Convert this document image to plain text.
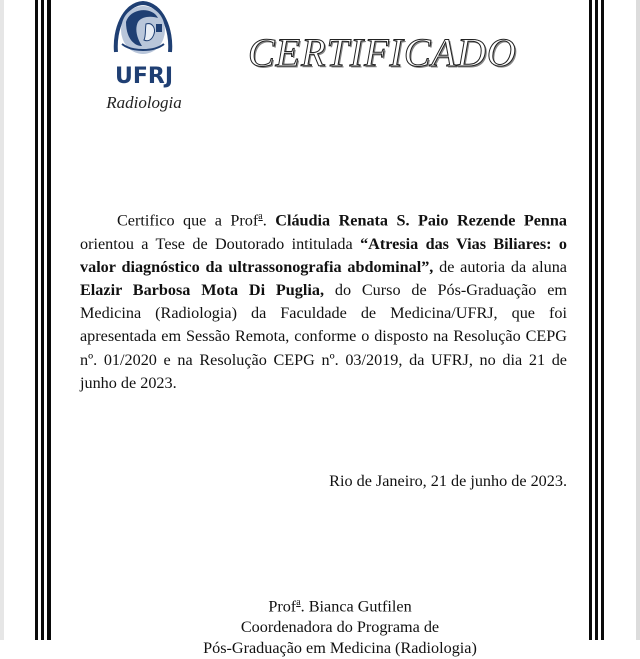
UFRJ
Radiologia
CERTIFICADO
Certifico que a Prof$^a$. Cláudia Renata S. Paio Rezende Penna orientou a Tese de Doutorado intitulada “Atresia das Vias Biliares: o valor diagnóstico da ultrassonografia abdominal”, de autoria da aluna Elazir Barbosa Mota Di Puglia, do Curso de Pós-Graduação em Medicina (Radiologia) da Faculdade de Medicina/UFRJ, que foi apresentada em Sessão Remota, conforme o disposto na Resolução CEPG nº. 01/2020 e na Resolução CEPG nº. 03/2019, da UFRJ, no dia 21 de junho de 2023.
Rio de Janeiro, 21 de junho de 2023.
Prof$^a$. Bianca Gutfilen
Coordenadora do Programa de
Pós-Graduação em Medicina (Radiologia)
